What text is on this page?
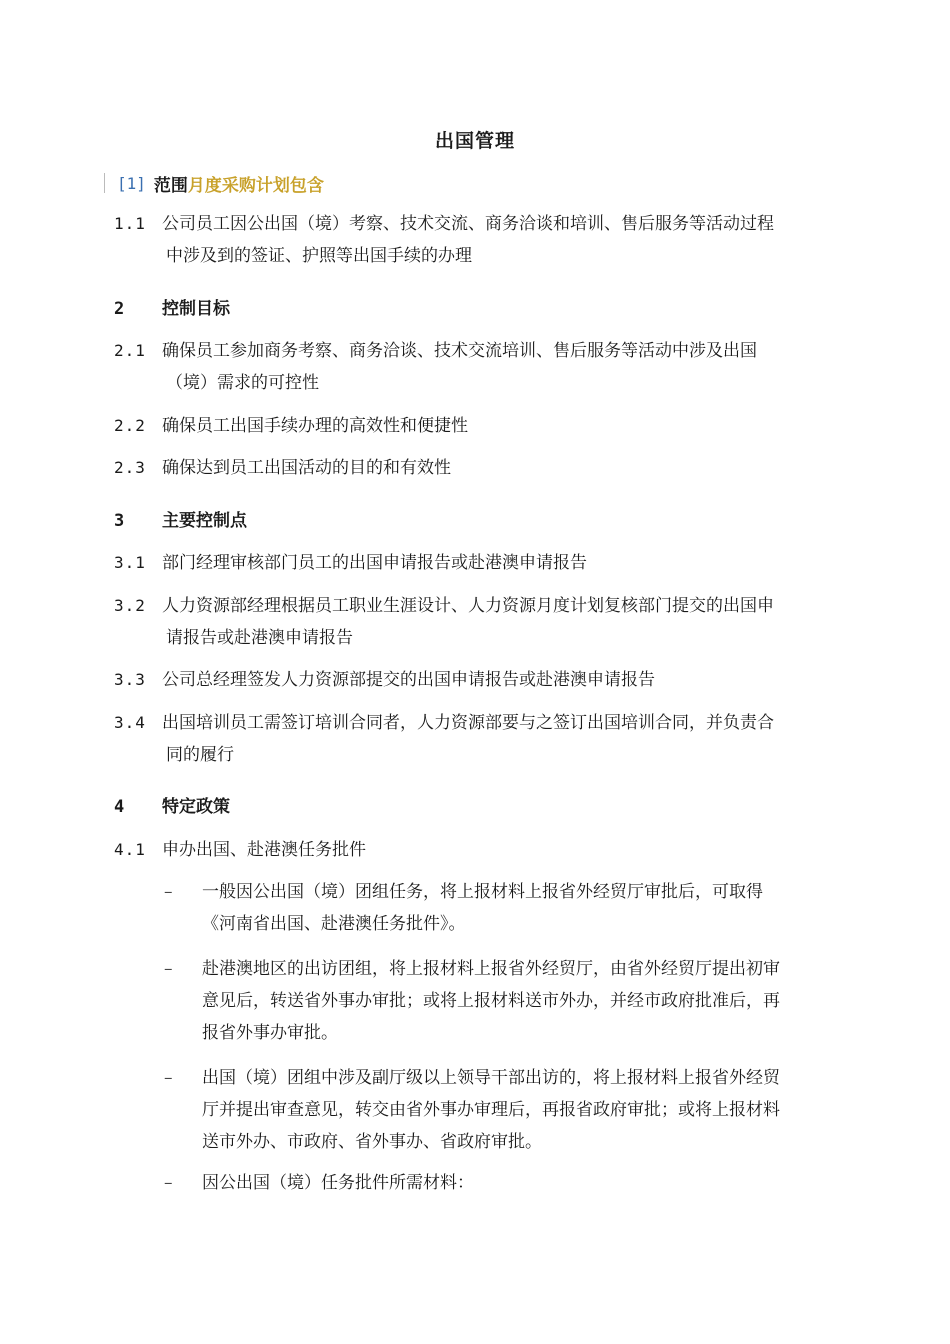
出国管理
[1] 范围 月度采购计划包含
1.1 公司员工因公出国（境）考察、技术交流、商务洽谈和培训、售后服务等活动过程
中涉及到的签证、护照等出国手续的办理
2 控制目标
2.1 确保员工参加商务考察、商务洽谈、技术交流培训、售后服务等活动中涉及出国
（境）需求的可控性
2.2 确保员工出国手续办理的高效性和便捷性
2.3 确保达到员工出国活动的目的和有效性
3 主要控制点
3.1 部门经理审核部门员工的出国申请报告或赴港澳申请报告
3.2 人力资源部经理根据员工职业生涯设计、人力资源月度计划复核部门提交的出国申
请报告或赴港澳申请报告
3.3 公司总经理签发人力资源部提交的出国申请报告或赴港澳申请报告
3.4 出国培训员工需签订培训合同者，人力资源部要与之签订出国培训合同，并负责合
同的履行
4 特定政策
4.1 申办出国、赴港澳任务批件
– 一般因公出国（境）团组任务，将上报材料上报省外经贸厅审批后，可取得
《河南省出国、赴港澳任务批件》。
– 赴港澳地区的出访团组，将上报材料上报省外经贸厅，由省外经贸厅提出初审
意见后，转送省外事办审批；或将上报材料送市外办，并经市政府批准后，再
报省外事办审批。
– 出国（境）团组中涉及副厅级以上领导干部出访的，将上报材料上报省外经贸
厅并提出审查意见，转交由省外事办审理后，再报省政府审批；或将上报材料
送市外办、市政府、省外事办、省政府审批。
– 因公出国（境）任务批件所需材料：
